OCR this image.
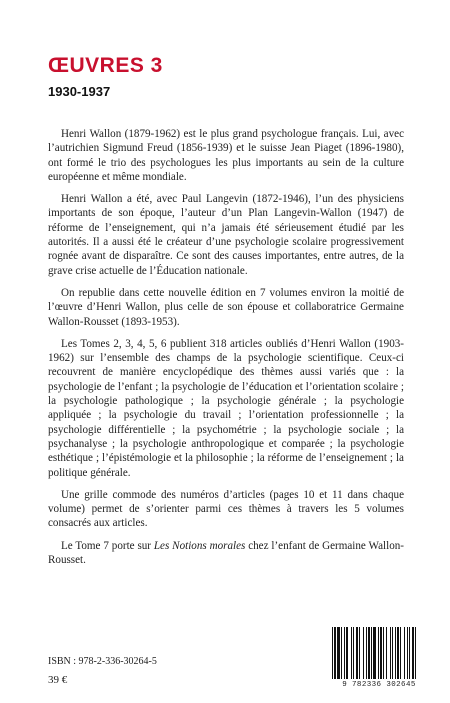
ŒUVRES 3
1930-1937

Henri Wallon (1879-1962) est le plus grand psychologue français. Lui, avec l’autrichien Sigmund Freud (1856-1939) et le suisse Jean Piaget (1896-1980), ont formé le trio des psychologues les plus importants au sein de la culture européenne et même mondiale.

Henri Wallon a été, avec Paul Langevin (1872-1946), l’un des physiciens importants de son époque, l’auteur d’un Plan Langevin-Wallon (1947) de réforme de l’enseignement, qui n’a jamais été sérieusement étudié par les autorités. Il a aussi été le créateur d’une psychologie scolaire progressivement rognée avant de disparaître. Ce sont des causes importantes, entre autres, de la grave crise actuelle de l’Éducation nationale.

On republie dans cette nouvelle édition en 7 volumes environ la moitié de l’œuvre d’Henri Wallon, plus celle de son épouse et collaboratrice Germaine Wallon-Rousset (1893-1953).

Les Tomes 2, 3, 4, 5, 6 publient 318 articles oubliés d’Henri Wallon (1903-1962) sur l’ensemble des champs de la psychologie scientifique. Ceux-ci recouvrent de manière encyclopédique des thèmes aussi variés que : la psychologie de l’enfant ; la psychologie de l’éducation et l’orientation scolaire ; la psychologie pathologique ; la psychologie générale ; la psychologie appliquée ; la psychologie du travail ; l’orientation professionnelle ; la psychologie différentielle ; la psychométrie ; la psychologie sociale ; la psychanalyse ; la psychologie anthropologique et comparée ; la psychologie esthétique ; l’épistémologie et la philosophie ; la réforme de l’enseignement ; la politique générale.

Une grille commode des numéros d’articles (pages 10 et 11 dans chaque volume) permet de s’orienter parmi ces thèmes à travers les 5 volumes consacrés aux articles.

Le Tome 7 porte sur Les Notions morales chez l’enfant de Germaine Wallon-Rousset.

ISBN : 978-2-336-30264-5
39 €	9 782336 302645
